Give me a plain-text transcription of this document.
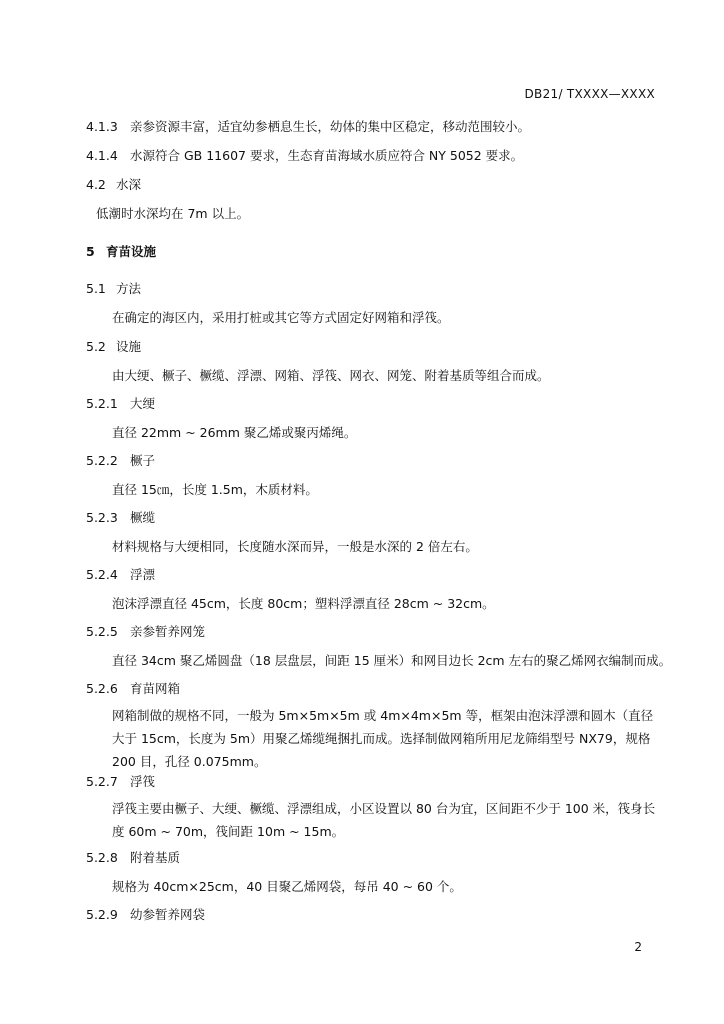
DB21/ TXXXX—XXXX
4.1.3 亲参资源丰富，适宜幼参栖息生长，幼体的集中区稳定，移动范围较小。
4.1.4 水源符合 GB 11607 要求，生态育苗海域水质应符合 NY 5052 要求。
4.2 水深
低潮时水深均在 7m 以上。
5 育苗设施
5.1 方法
在确定的海区内，采用打桩或其它等方式固定好网箱和浮筏。
5.2 设施
由大绠、橛子、橛缆、浮漂、网箱、浮筏、网衣、网笼、附着基质等组合而成。
5.2.1 大绠
直径 22mm ~ 26mm 聚乙烯或聚丙烯绳。
5.2.2 橛子
直径 15㎝，长度 1.5m，木质材料。
5.2.3 橛缆
材料规格与大绠相同，长度随水深而异，一般是水深的 2 倍左右。
5.2.4 浮漂
泡沫浮漂直径 45cm，长度 80cm；塑料浮漂直径 28cm ~ 32cm。
5.2.5 亲参暂养网笼
直径 34cm 聚乙烯圆盘（18 层盘层，间距 15 厘米）和网目边长 2cm 左右的聚乙烯网衣编制而成。
5.2.6 育苗网箱
网箱制做的规格不同，一般为 5m×5m×5m 或 4m×4m×5m 等，框架由泡沫浮漂和圆木（直径大于 15cm，长度为 5m）用聚乙烯缆绳捆扎而成。选择制做网箱所用尼龙筛绢型号 NX79，规格 200 目，孔径 0.075mm。
5.2.7 浮筏
浮筏主要由橛子、大绠、橛缆、浮漂组成，小区设置以 80 台为宜，区间距不少于 100 米，筏身长度 60m ~ 70m，筏间距 10m ~ 15m。
5.2.8 附着基质
规格为 40cm×25cm，40 目聚乙烯网袋，每吊 40 ~ 60 个。
5.2.9 幼参暂养网袋
2
